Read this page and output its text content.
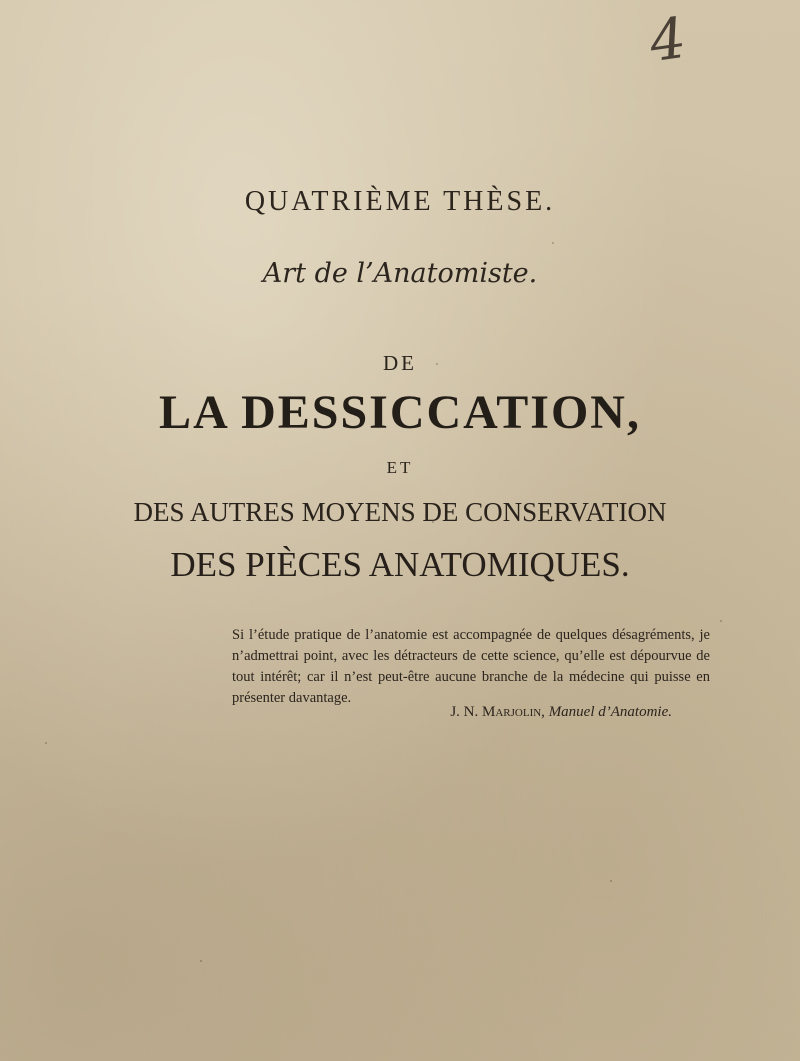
4
QUATRIÈME THÈSE.
Art de l’Anatomiste.
DE
LA DESSICCATION,
ET
DES AUTRES MOYENS DE CONSERVATION
DES PIÈCES ANATOMIQUES.
Si l’étude pratique de l’anatomie est accompagnée de quelques désagréments, je n’admettrai point, avec les détracteurs de cette science, qu’elle est dépourvue de tout intérêt; car il n’est peut-être aucune branche de la médecine qui puisse en présenter davantage.
J. N. Marjolin, Manuel d’Anatomie.
